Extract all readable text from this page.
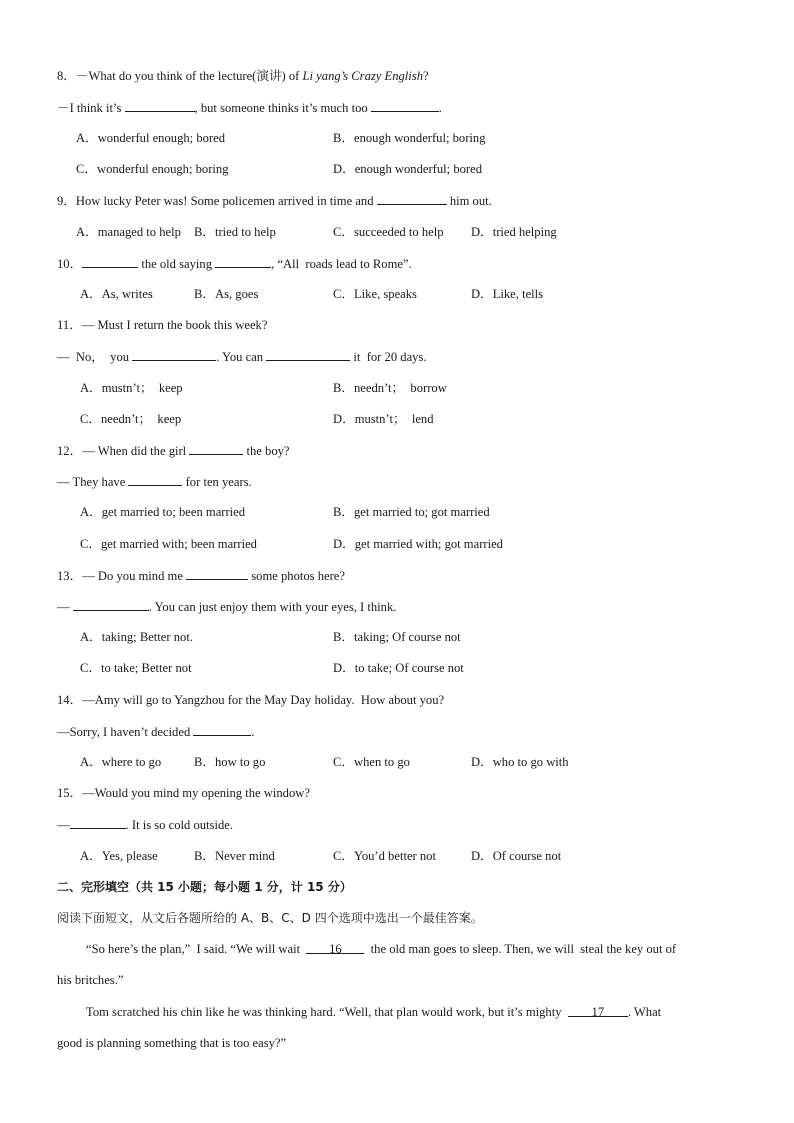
8．－What do you think of the lecture(演讲) of Li yang’s Crazy English?
－I think it’s	, but someone thinks it’s much too	.
A．wonderful enough; bored	B．enough wonderful; boring
C．wonderful enough; boring	D．enough wonderful; bored
9．How lucky Peter was! Some policemen arrived in time and	him out.
A．managed to help B．tried to help	C．succeeded to help D．tried helping
10．	the old saying	, “All  roads lead to Rome”.
A．As, writes	B．As, goes	C．Like, speaks	D．Like, tells
11．— Must I return the book this week?
—  No，  you	. You can	it  for 20 days.
A．mustn’t；  keep	B．needn’t；  borrow
C．needn’t；  keep	D．mustn’t；  lend
12．— When did the girl	the boy?
— They have	for ten years.
A．get married to; been married	B．get married to; got married
C．get married with; been married	D．get married with; got married
13．— Do you mind me	some photos here?
—	. You can just enjoy them with your eyes, I think.
A．taking; Better not.	B．taking; Of course not
C．to take; Better not	D．to take; Of course not
14．—Amy will go to Yangzhou for the May Day holiday.  How about you?
—Sorry, I haven’t decided	.
A．where to go	B．how to go	C．when to go	D．who to go with
15．—Would you mind my opening the window?
—	. It is so cold outside.
A．Yes, please	B．Never mind	C．You’d better not	D．Of course not
二、完形填空（共 15 小题；每小题 1 分，计 15 分）
阅读下面短文，从文后各题所给的 A、B、C、D 四个选项中选出一个最佳答案。
“So here’s the plan,”  I said. “We will wait  16  the old man goes to sleep. Then, we will  steal the key out of
his britches.”
Tom scratched his chin like he was thinking hard. “Well, that plan would work, but it’s mighty  17 . What
good is planning something that is too easy?”
